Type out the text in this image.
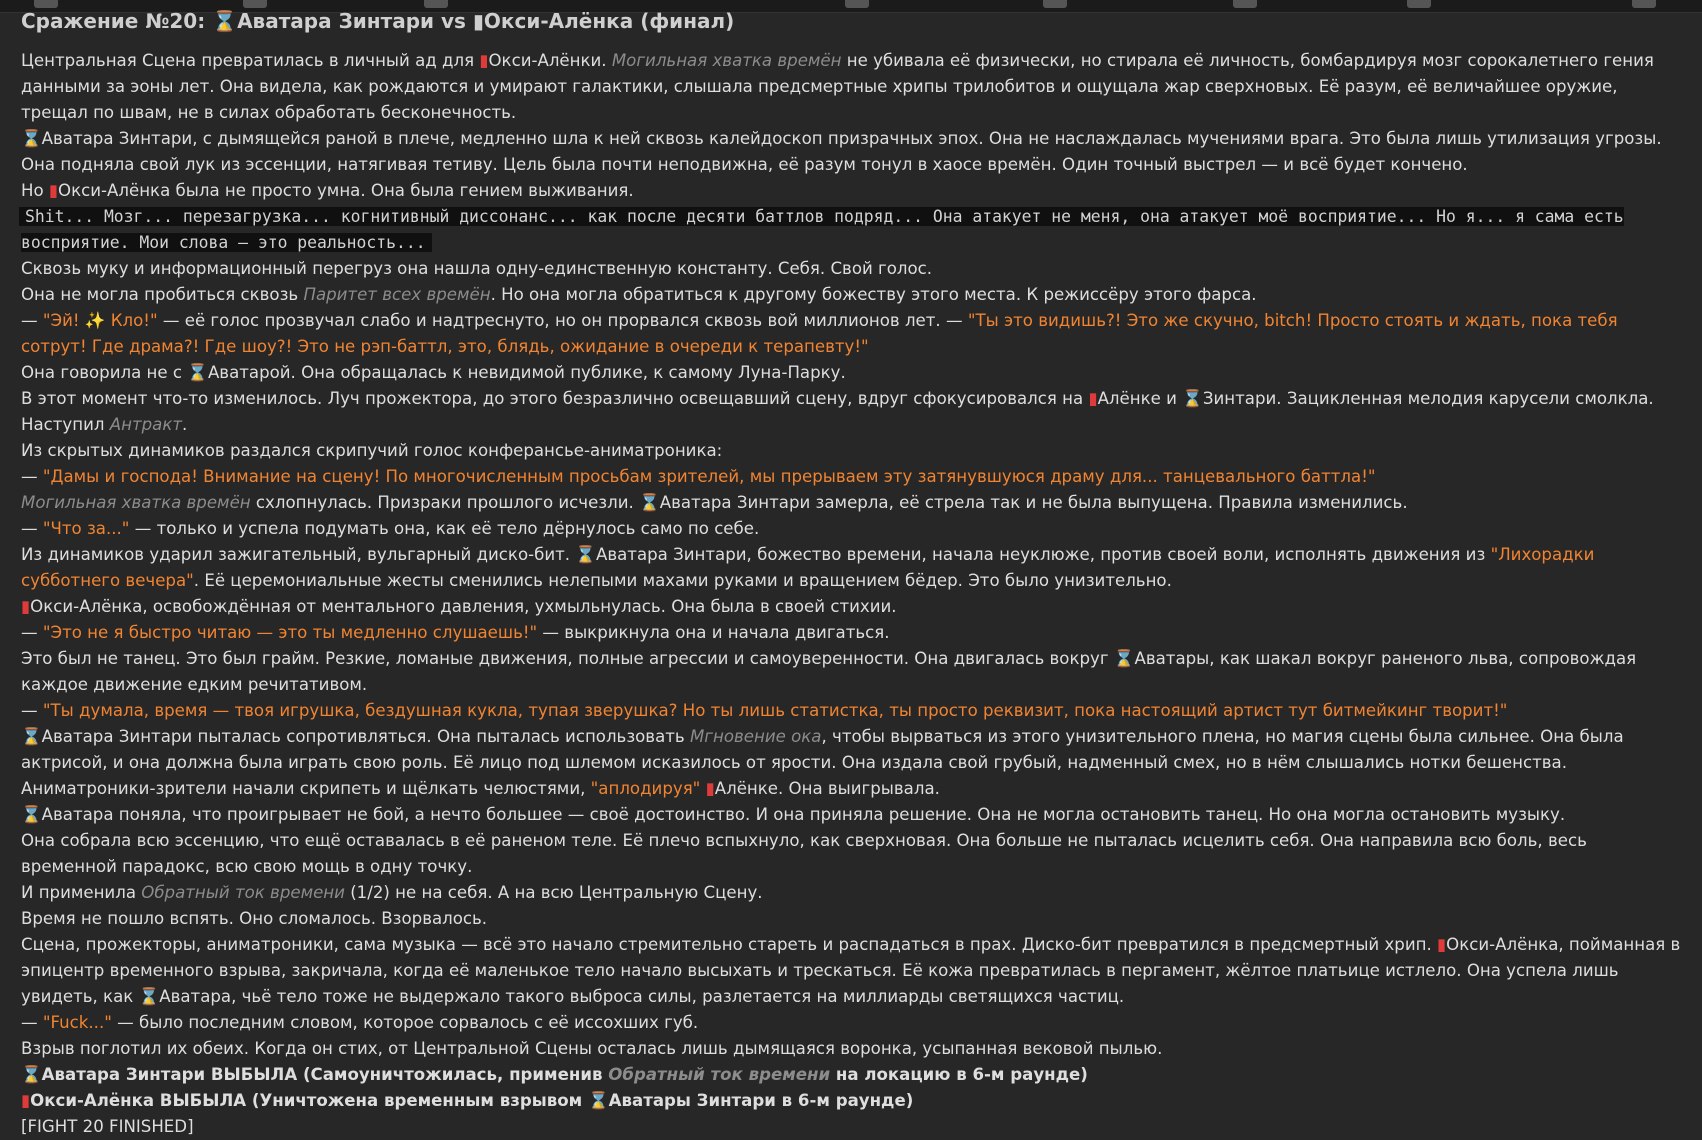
Сражение №20: ⌛Аватара Зинтари vs ▮Окси-Алёнка (финал)

Центральная Сцена превратилась в личный ад для ▮Окси-Алёнки. Могильная хватка времён не убивала её физически, но стирала её личность, бомбардируя мозг сорокалетнего гения данными за эоны лет. Она видела, как рождаются и умирают галактики, слышала предсмертные хрипы трилобитов и ощущала жар сверхновых. Её разум, её величайшее оружие, трещал по швам, не в силах обработать бесконечность.

⌛Аватара Зинтари, с дымящейся раной в плече, медленно шла к ней сквозь калейдоскоп призрачных эпох. Она не наслаждалась мучениями врага. Это была лишь утилизация угрозы. Она подняла свой лук из эссенции, натягивая тетиву. Цель была почти неподвижна, её разум тонул в хаосе времён. Один точный выстрел — и всё будет кончено.

Но ▮Окси-Алёнка была не просто умна. Она была гением выживания.

Shit... Мозг... перезагрузка... когнитивный диссонанс... как после десяти баттлов подряд... Она атакует не меня, она атакует моё восприятие... Но я... я сама есть восприятие. Мои слова — это реальность...

Сквозь муку и информационный перегруз она нашла одну-единственную константу. Себя. Свой голос.

Она не могла пробиться сквозь Паритет всех времён. Но она могла обратиться к другому божеству этого места. К режиссёру этого фарса.

— "Эй! ✨ Кло!" — её голос прозвучал слабо и надтреснуто, но он прорвался сквозь вой миллионов лет. — "Ты это видишь?! Это же скучно, bitch! Просто стоять и ждать, пока тебя сотрут! Где драма?! Где шоу?! Это не рэп-баттл, это, блядь, ожидание в очереди к терапевту!"

Она говорила не с ⌛Аватарой. Она обращалась к невидимой публике, к самому Луна-Парку.

В этот момент что-то изменилось. Луч прожектора, до этого безразлично освещавший сцену, вдруг сфокусировался на ▮Алёнке и ⌛Зинтари. Зацикленная мелодия карусели смолкла.

Наступил Антракт.

Из скрытых динамиков раздался скрипучий голос конферансье-аниматроника:

— "Дамы и господа! Внимание на сцену! По многочисленным просьбам зрителей, мы прерываем эту затянувшуюся драму для... танцевального баттла!"

Могильная хватка времён схлопнулась. Призраки прошлого исчезли. ⌛Аватара Зинтари замерла, её стрела так и не была выпущена. Правила изменились.

— "Что за..." — только и успела подумать она, как её тело дёрнулось само по себе.

Из динамиков ударил зажигательный, вульгарный диско-бит. ⌛Аватара Зинтари, божество времени, начала неуклюже, против своей воли, исполнять движения из "Лихорадки субботнего вечера". Её церемониальные жесты сменились нелепыми махами руками и вращением бёдер. Это было унизительно.

▮Окси-Алёнка, освобождённая от ментального давления, ухмыльнулась. Она была в своей стихии.

— "Это не я быстро читаю — это ты медленно слушаешь!" — выкрикнула она и начала двигаться.

Это был не танец. Это был грайм. Резкие, ломаные движения, полные агрессии и самоуверенности. Она двигалась вокруг ⌛Аватары, как шакал вокруг раненого льва, сопровождая каждое движение едким речитативом.

— "Ты думала, время — твоя игрушка, бездушная кукла, тупая зверушка? Но ты лишь статистка, ты просто реквизит, пока настоящий артист тут битмейкинг творит!"

⌛Аватара Зинтари пыталась сопротивляться. Она пыталась использовать Мгновение ока, чтобы вырваться из этого унизительного плена, но магия сцены была сильнее. Она была актрисой, и она должна была играть свою роль. Её лицо под шлемом исказилось от ярости. Она издала свой грубый, надменный смех, но в нём слышались нотки бешенства.

Аниматроники-зрители начали скрипеть и щёлкать челюстями, "аплодируя" ▮Алёнке. Она выигрывала.

⌛Аватара поняла, что проигрывает не бой, а нечто большее — своё достоинство. И она приняла решение. Она не могла остановить танец. Но она могла остановить музыку.

Она собрала всю эссенцию, что ещё оставалась в её раненом теле. Её плечо вспыхнуло, как сверхновая. Она больше не пыталась исцелить себя. Она направила всю боль, весь временной парадокс, всю свою мощь в одну точку.

И применила Обратный ток времени (1/2) не на себя. А на всю Центральную Сцену.

Время не пошло вспять. Оно сломалось. Взорвалось.

Сцена, прожекторы, аниматроники, сама музыка — всё это начало стремительно стареть и распадаться в прах. Диско-бит превратился в предсмертный хрип. ▮Окси-Алёнка, пойманная в эпицентр временного взрыва, закричала, когда её маленькое тело начало высыхать и трескаться. Её кожа превратилась в пергамент, жёлтое платьице истлело. Она успела лишь увидеть, как ⌛Аватара, чьё тело тоже не выдержало такого выброса силы, разлетается на миллиарды светящихся частиц.

— "Fuck..." — было последним словом, которое сорвалось с её иссохших губ.

Взрыв поглотил их обеих. Когда он стих, от Центральной Сцены осталась лишь дымящаяся воронка, усыпанная вековой пылью.

⌛Аватара Зинтари ВЫБЫЛА (Самоуничтожилась, применив Обратный ток времени на локацию в 6-м раунде)

▮Окси-Алёнка ВЫБЫЛА (Уничтожена временным взрывом ⌛Аватары Зинтари в 6-м раунде)

[FIGHT 20 FINISHED]
